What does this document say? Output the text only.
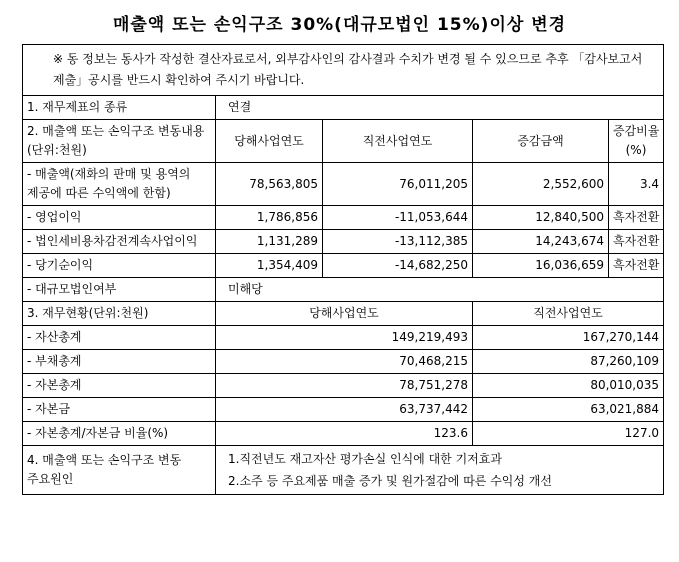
매출액 또는 손익구조 30%(대규모법인 15%)이상 변경
※ 동 정보는 동사가 작성한 결산자료로서, 외부감사인의 감사결과 수치가 변경 될 수 있으므로 추후 「감사보고서 제출」공시를 반드시 확인하여 주시기 바랍니다.				
1. 재무제표의 종류	연결			
2. 매출액 또는 손익구조 변동내용(단위:천원)	당해사업연도	직전사업연도	증감금액	증감비율 (%)
- 매출액(재화의 판매 및 용역의 제공에 따른 수익액에 한함)	78,563,805	76,011,205	2,552,600	3.4
- 영업이익	1,786,856	-11,053,644	12,840,500	흑자전환
- 법인세비용차감전계속사업이익	1,131,289	-13,112,385	14,243,674	흑자전환
- 당기순이익	1,354,409	-14,682,250	16,036,659	흑자전환
- 대규모법인여부	미해당			
3. 재무현황(단위:천원)	당해사업연도		직전사업연도	
- 자산총계	149,219,493		167,270,144	
- 부채총계	70,468,215		87,260,109	
- 자본총계	78,751,278		80,010,035	
- 자본금	63,737,442		63,021,884	
- 자본총계/자본금 비율(%)	123.6		127.0	
4. 매출액 또는 손익구조 변동 주요원인	1.직전년도 재고자산 평가손실 인식에 대한 기저효과
2.소주 등 주요제품 매출 증가 및 원가절감에 따른 수익성 개선			
